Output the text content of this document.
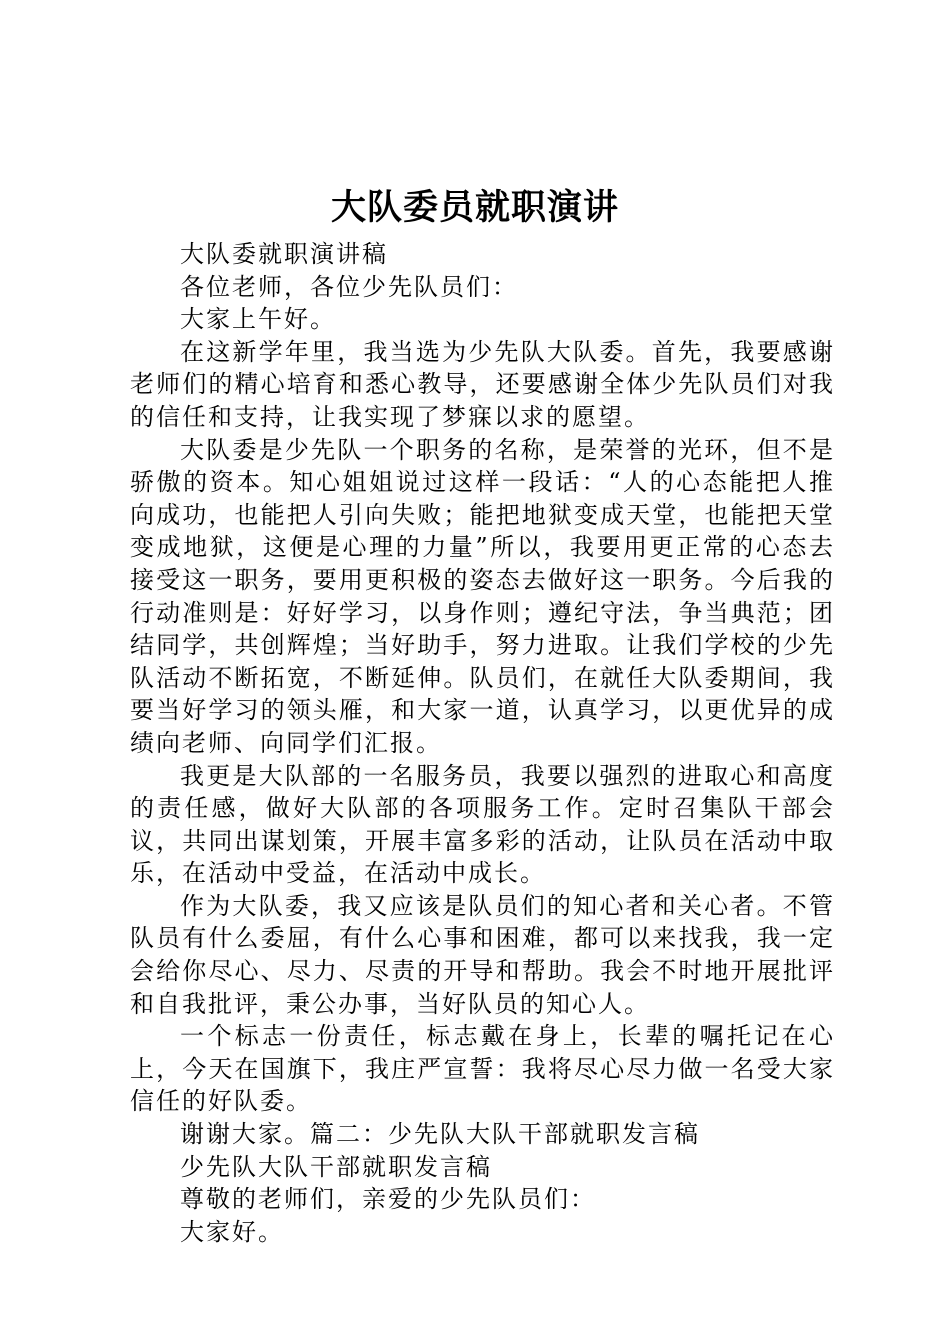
大队委员就职演讲

大队委就职演讲稿

各位老师，各位少先队员们：

大家上午好。

在这新学年里，我当选为少先队大队委。首先，我要感谢老师们的精心培育和悉心教导，还要感谢全体少先队员们对我的信任和支持，让我实现了梦寐以求的愿望。

大队委是少先队一个职务的名称，是荣誉的光环，但不是骄傲的资本。知心姐姐说过这样一段话：“人的心态能把人推向成功，也能把人引向失败；能把地狱变成天堂，也能把天堂变成地狱，这便是心理的力量”所以，我要用更正常的心态去接受这一职务，要用更积极的姿态去做好这一职务。今后我的行动准则是：好好学习，以身作则；遵纪守法，争当典范；团结同学，共创辉煌；当好助手，努力进取。让我们学校的少先队活动不断拓宽，不断延伸。队员们，在就任大队委期间，我要当好学习的领头雁，和大家一道，认真学习，以更优异的成绩向老师、向同学们汇报。

我更是大队部的一名服务员，我要以强烈的进取心和高度的责任感，做好大队部的各项服务工作。定时召集队干部会议，共同出谋划策，开展丰富多彩的活动，让队员在活动中取乐，在活动中受益，在活动中成长。

作为大队委，我又应该是队员们的知心者和关心者。不管队员有什么委屈，有什么心事和困难，都可以来找我，我一定会给你尽心、尽力、尽责的开导和帮助。我会不时地开展批评和自我批评，秉公办事，当好队员的知心人。

一个标志一份责任，标志戴在身上，长辈的嘱托记在心上，今天在国旗下，我庄严宣誓：我将尽心尽力做一名受大家信任的好队委。

谢谢大家。篇二：少先队大队干部就职发言稿

少先队大队干部就职发言稿

尊敬的老师们，亲爱的少先队员们：

大家好。
